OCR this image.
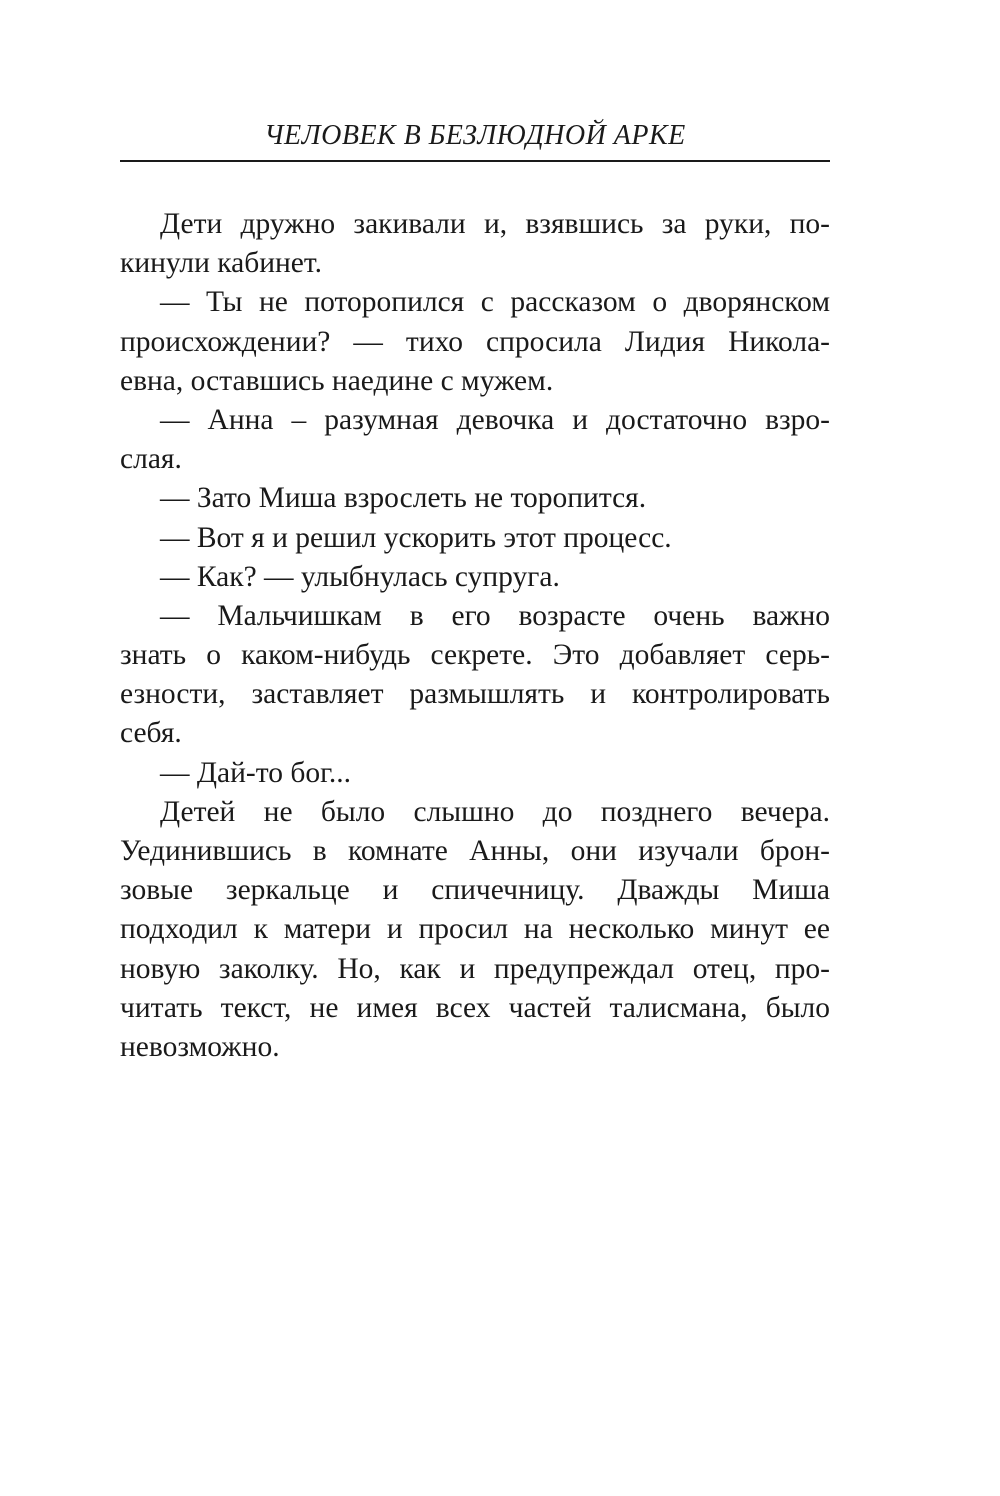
ЧЕЛОВЕК В БЕЗЛЮДНОЙ АРКЕ
Дети дружно закивали и, взявшись за руки, по-
кинули кабинет.
— Ты не поторопился с рассказом о дворянском
происхождении? — тихо спросила Лидия Никола-
евна, оставшись наедине с мужем.
— Анна – разумная девочка и достаточно взро-
слая.
— Зато Миша взрослеть не торопится.
— Вот я и решил ускорить этот процесс.
— Как? — улыбнулась супруга.
— Мальчишкам в его возрасте очень важно
знать о каком-нибудь секрете. Это добавляет серь-
езности, заставляет размышлять и контролировать
себя.
— Дай-то бог...
Детей не было слышно до позднего вечера.
Уединившись в комнате Анны, они изучали брон-
зовые зеркальце и спичечницу. Дважды Миша
подходил к матери и просил на несколько минут ее
новую заколку. Но, как и предупреждал отец, про-
читать текст, не имея всех частей талисмана, было
невозможно.
